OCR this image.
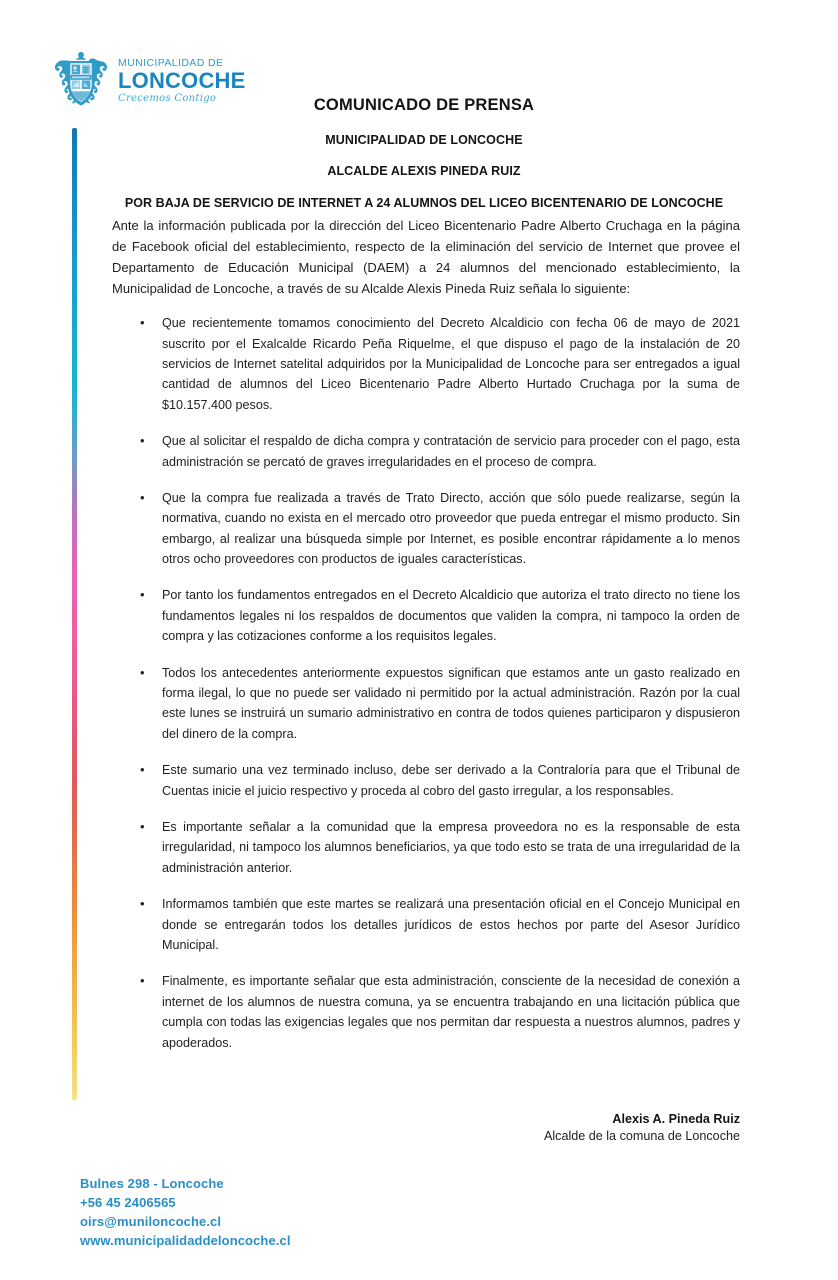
MUNICIPALIDAD DE
LONCOCHE
Crecemos Contigo	COMUNICADO DE PRENSA
MUNICIPALIDAD DE LONCOCHE
ALCALDE ALEXIS PINEDA RUIZ
POR BAJA DE SERVICIO DE INTERNET A 24 ALUMNOS DEL LICEO BICENTENARIO DE LONCOCHE

Ante la información publicada por la dirección del Liceo Bicentenario Padre Alberto Cruchaga en la página de Facebook oficial del establecimiento, respecto de la eliminación del servicio de Internet que provee el Departamento de Educación Municipal (DAEM) a 24 alumnos del mencionado establecimiento, la Municipalidad de Loncoche, a través de su Alcalde Alexis Pineda Ruiz señala lo siguiente:

• Que recientemente tomamos conocimiento del Decreto Alcaldicio con fecha 06 de mayo de 2021 suscrito por el Exalcalde Ricardo Peña Riquelme, el que dispuso el pago de la instalación de 20 servicios de Internet satelital adquiridos por la Municipalidad de Loncoche para ser entregados a igual cantidad de alumnos del Liceo Bicentenario Padre Alberto Hurtado Cruchaga por la suma de $10.157.400 pesos.
• Que al solicitar el respaldo de dicha compra y contratación de servicio para proceder con el pago, esta administración se percató de graves irregularidades en el proceso de compra.
• Que la compra fue realizada a través de Trato Directo, acción que sólo puede realizarse, según la normativa, cuando no exista en el mercado otro proveedor que pueda entregar el mismo producto. Sin embargo, al realizar una búsqueda simple por Internet, es posible encontrar rápidamente a lo menos otros ocho proveedores con productos de iguales características.
• Por tanto los fundamentos entregados en el Decreto Alcaldicio que autoriza el trato directo no tiene los fundamentos legales ni los respaldos de documentos que validen la compra, ni tampoco la orden de compra y las cotizaciones conforme a los requisitos legales.
• Todos los antecedentes anteriormente expuestos significan que estamos ante un gasto realizado en forma ilegal, lo que no puede ser validado ni permitido por la actual administración. Razón por la cual este lunes se instruirá un sumario administrativo en contra de todos quienes participaron y dispusieron del dinero de la compra.
• Este sumario una vez terminado incluso, debe ser derivado a la Contraloría para que el Tribunal de Cuentas inicie el juicio respectivo y proceda al cobro del gasto irregular, a los responsables.
• Es importante señalar a la comunidad que la empresa proveedora no es la responsable de esta irregularidad, ni tampoco los alumnos beneficiarios, ya que todo esto se trata de una irregularidad de la administración anterior.
• Informamos también que este martes se realizará una presentación oficial en el Concejo Municipal en donde se entregarán todos los detalles jurídicos de estos hechos por parte del Asesor Jurídico Municipal.
• Finalmente, es importante señalar que esta administración, consciente de la necesidad de conexión a internet de los alumnos de nuestra comuna, ya se encuentra trabajando en una licitación pública que cumpla con todas las exigencias legales que nos permitan dar respuesta a nuestros alumnos, padres y apoderados.

Alexis A. Pineda Ruiz

Alcalde de la comuna de Loncoche

Bulnes 298 - Loncoche
+56 45 2406565
oirs@muniloncoche.cl
www.municipalidaddeloncoche.cl
